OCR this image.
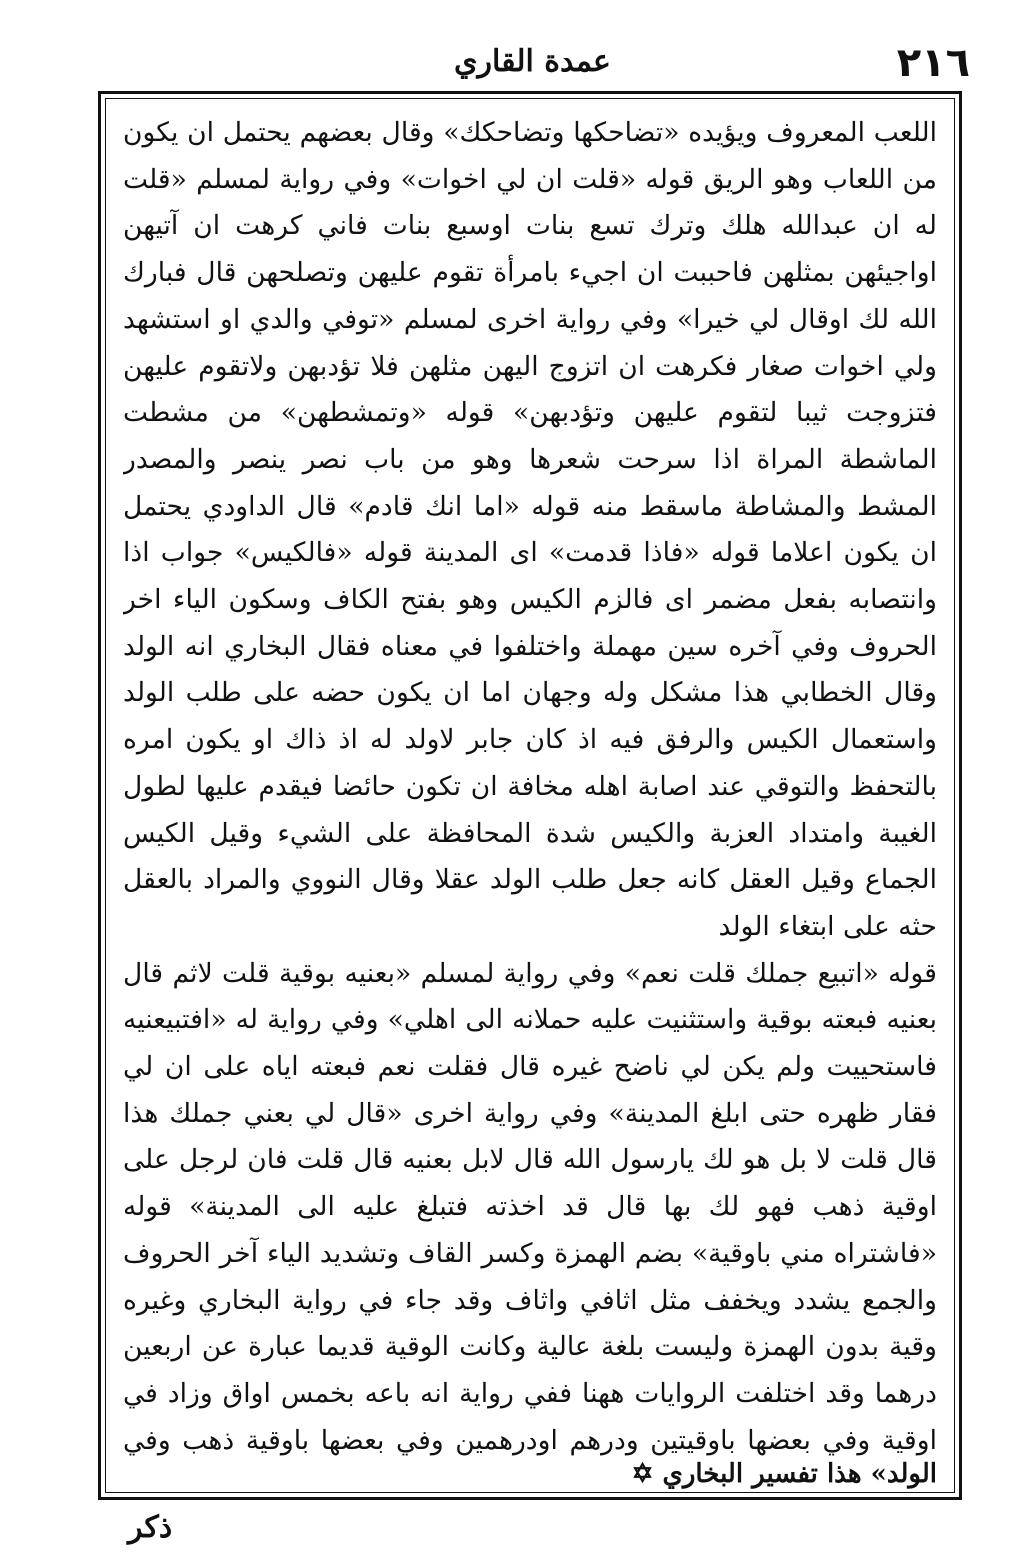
٢١٦
عمدة القاري

اللعب المعروف ويؤيده «تضاحكها وتضاحكك» وقال بعضهم يحتمل ان يكون من اللعاب وهو الريق قوله «قلت ان لي اخوات» وفي رواية لمسلم «قلت له ان عبدالله هلك وترك تسع بنات اوسبع بنات فاني كرهت ان آتيهن اواجيئهن بمثلهن فاحببت ان اجيء بامرأة تقوم عليهن وتصلحهن قال فبارك الله لك اوقال لي خيرا» وفي رواية اخرى لمسلم «توفي والدي او استشهد ولي اخوات صغار فكرهت ان اتزوج اليهن مثلهن فلا تؤدبهن ولاتقوم عليهن فتزوجت ثيبا لتقوم عليهن وتؤدبهن» قوله «وتمشطهن» من مشطت الماشطة المراة اذا سرحت شعرها وهو من باب نصر ينصر والمصدر المشط والمشاطة ماسقط منه قوله «اما انك قادم» قال الداودي يحتمل ان يكون اعلاما قوله «فاذا قدمت» اى المدينة قوله «فالكيس» جواب اذا وانتصابه بفعل مضمر اى فالزم الكيس وهو بفتح الكاف وسكون الياء اخر الحروف وفي آخره سين مهملة واختلفوا في معناه فقال البخاري انه الولد وقال الخطابي هذا مشكل وله وجهان اما ان يكون حضه على طلب الولد واستعمال الكيس والرفق فيه اذ كان جابر لاولد له اذ ذاك او يكون امره بالتحفظ والتوقي عند اصابة اهله مخافة ان تكون حائضا فيقدم عليها لطول الغيبة وامتداد العزبة والكيس شدة المحافظة على الشيء وقيل الكيس الجماع وقيل العقل كانه جعل طلب الولد عقلا وقال النووي والمراد بالعقل حثه على ابتغاء الولد

قوله «اتبيع جملك قلت نعم» وفي رواية لمسلم «بعنيه بوقية قلت لاثم قال بعنيه فبعته بوقية واستثنيت عليه حملانه الى اهلي» وفي رواية له «افتبيعنيه فاستحييت ولم يكن لي ناضح غيره قال فقلت نعم فبعته اياه على ان لي فقار ظهره حتى ابلغ المدينة» وفي رواية اخرى «قال لي بعني جملك هذا قال قلت لا بل هو لك يارسول الله قال لابل بعنيه قال قلت فان لرجل على اوقية ذهب فهو لك بها قال قد اخذته فتبلغ عليه الى المدينة» قوله «فاشتراه مني باوقية» بضم الهمزة وكسر القاف وتشديد الياء آخر الحروف والجمع يشدد ويخفف مثل اثافي واثاف وقد جاء في رواية البخاري وغيره وقية بدون الهمزة وليست بلغة عالية وكانت الوقية قديما عبارة عن اربعين درهما وقد اختلفت الروايات ههنا ففي رواية انه باعه بخمس اواق وزاد في اوقية وفي بعضها باوقيتين ودرهم اودرهمين وفي بعضها باوقية ذهب وفي

الولد» هذا تفسير البخاري ✡
ذكر
